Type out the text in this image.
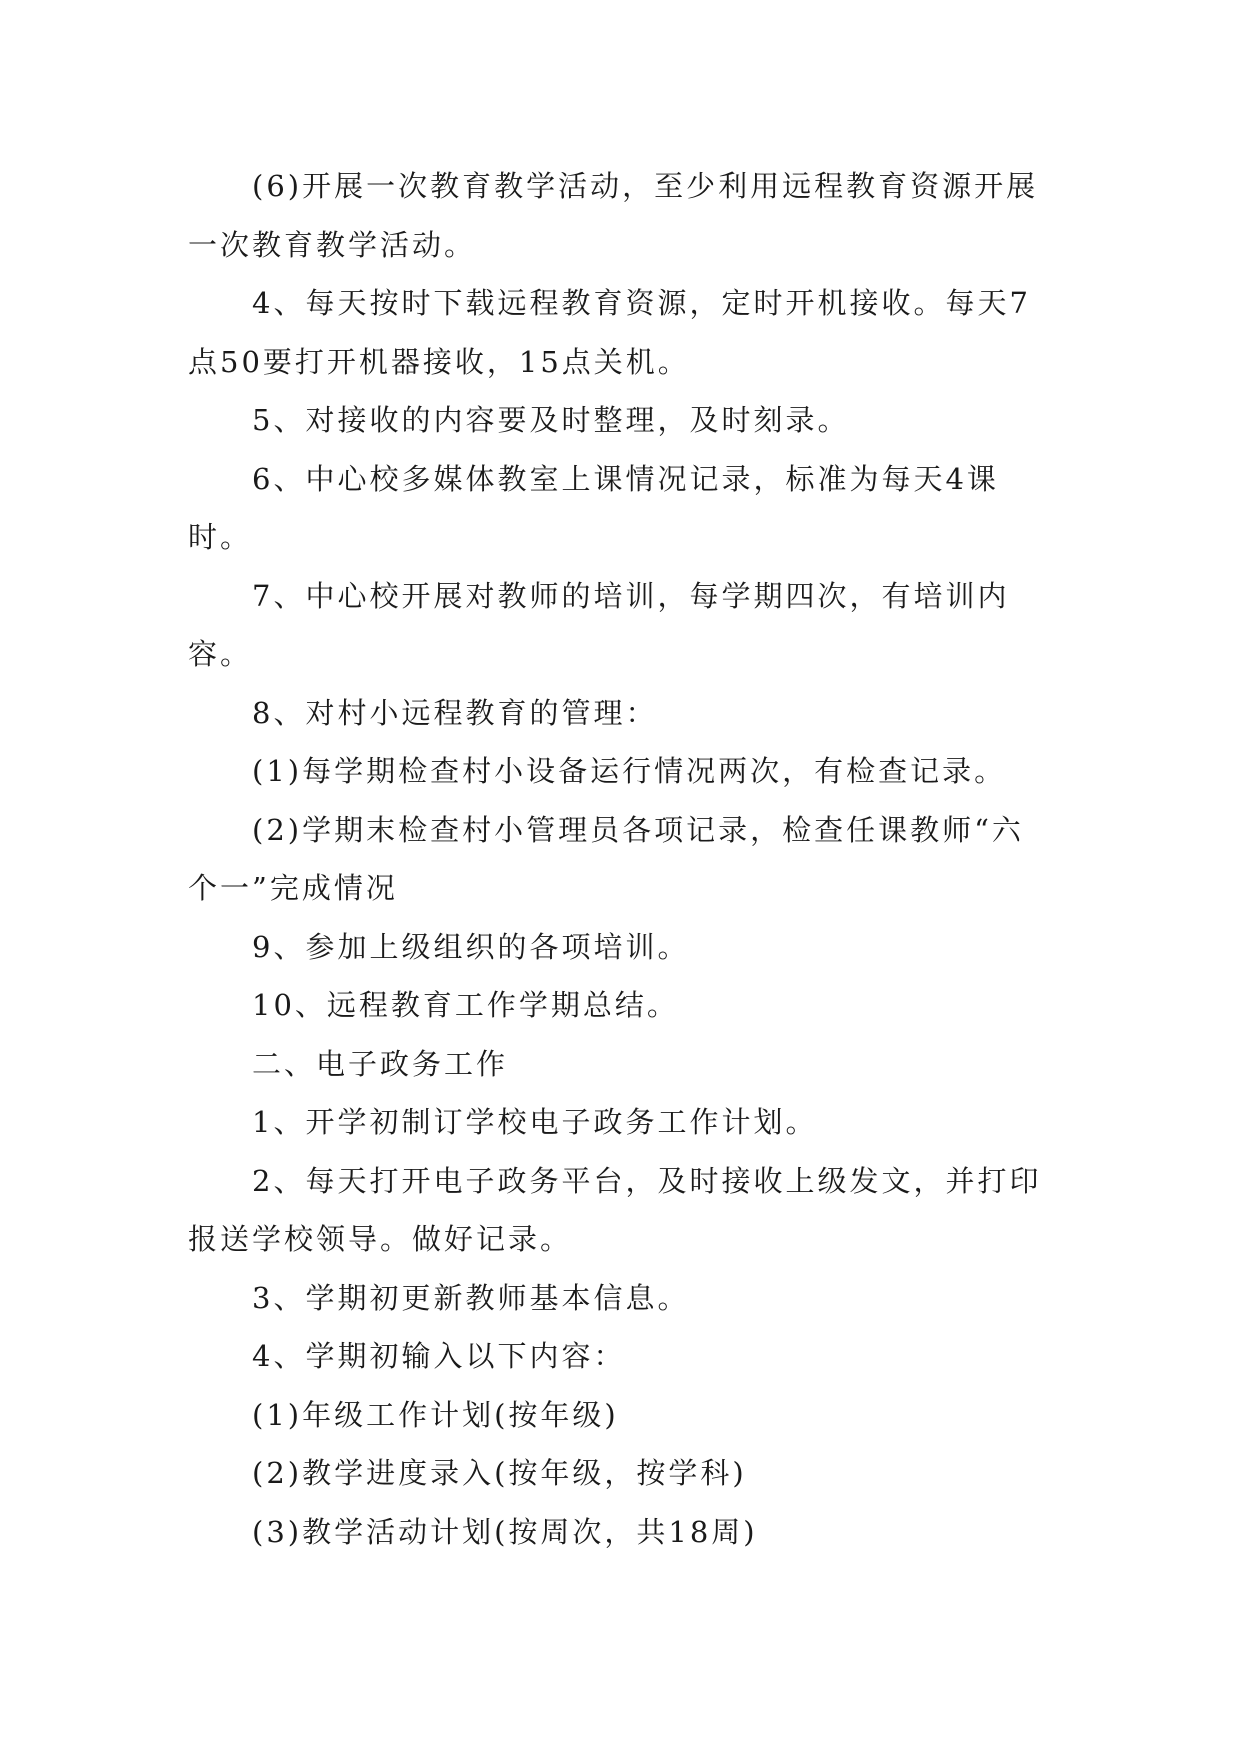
(6)开展一次教育教学活动，至少利用远程教育资源开展一次教育教学活动。

4、每天按时下载远程教育资源，定时开机接收。每天7点50要打开机器接收，15点关机。

5、对接收的内容要及时整理，及时刻录。

6、中心校多媒体教室上课情况记录，标准为每天4课时。

7、中心校开展对教师的培训，每学期四次，有培训内容。

8、对村小远程教育的管理：

(1)每学期检查村小设备运行情况两次，有检查记录。

(2)学期末检查村小管理员各项记录，检查任课教师“六个一”完成情况

9、参加上级组织的各项培训。

10、远程教育工作学期总结。

二、电子政务工作

1、开学初制订学校电子政务工作计划。

2、每天打开电子政务平台，及时接收上级发文，并打印报送学校领导。做好记录。

3、学期初更新教师基本信息。

4、学期初输入以下内容：

(1)年级工作计划(按年级)

(2)教学进度录入(按年级，按学科)

(3)教学活动计划(按周次，共18周)
